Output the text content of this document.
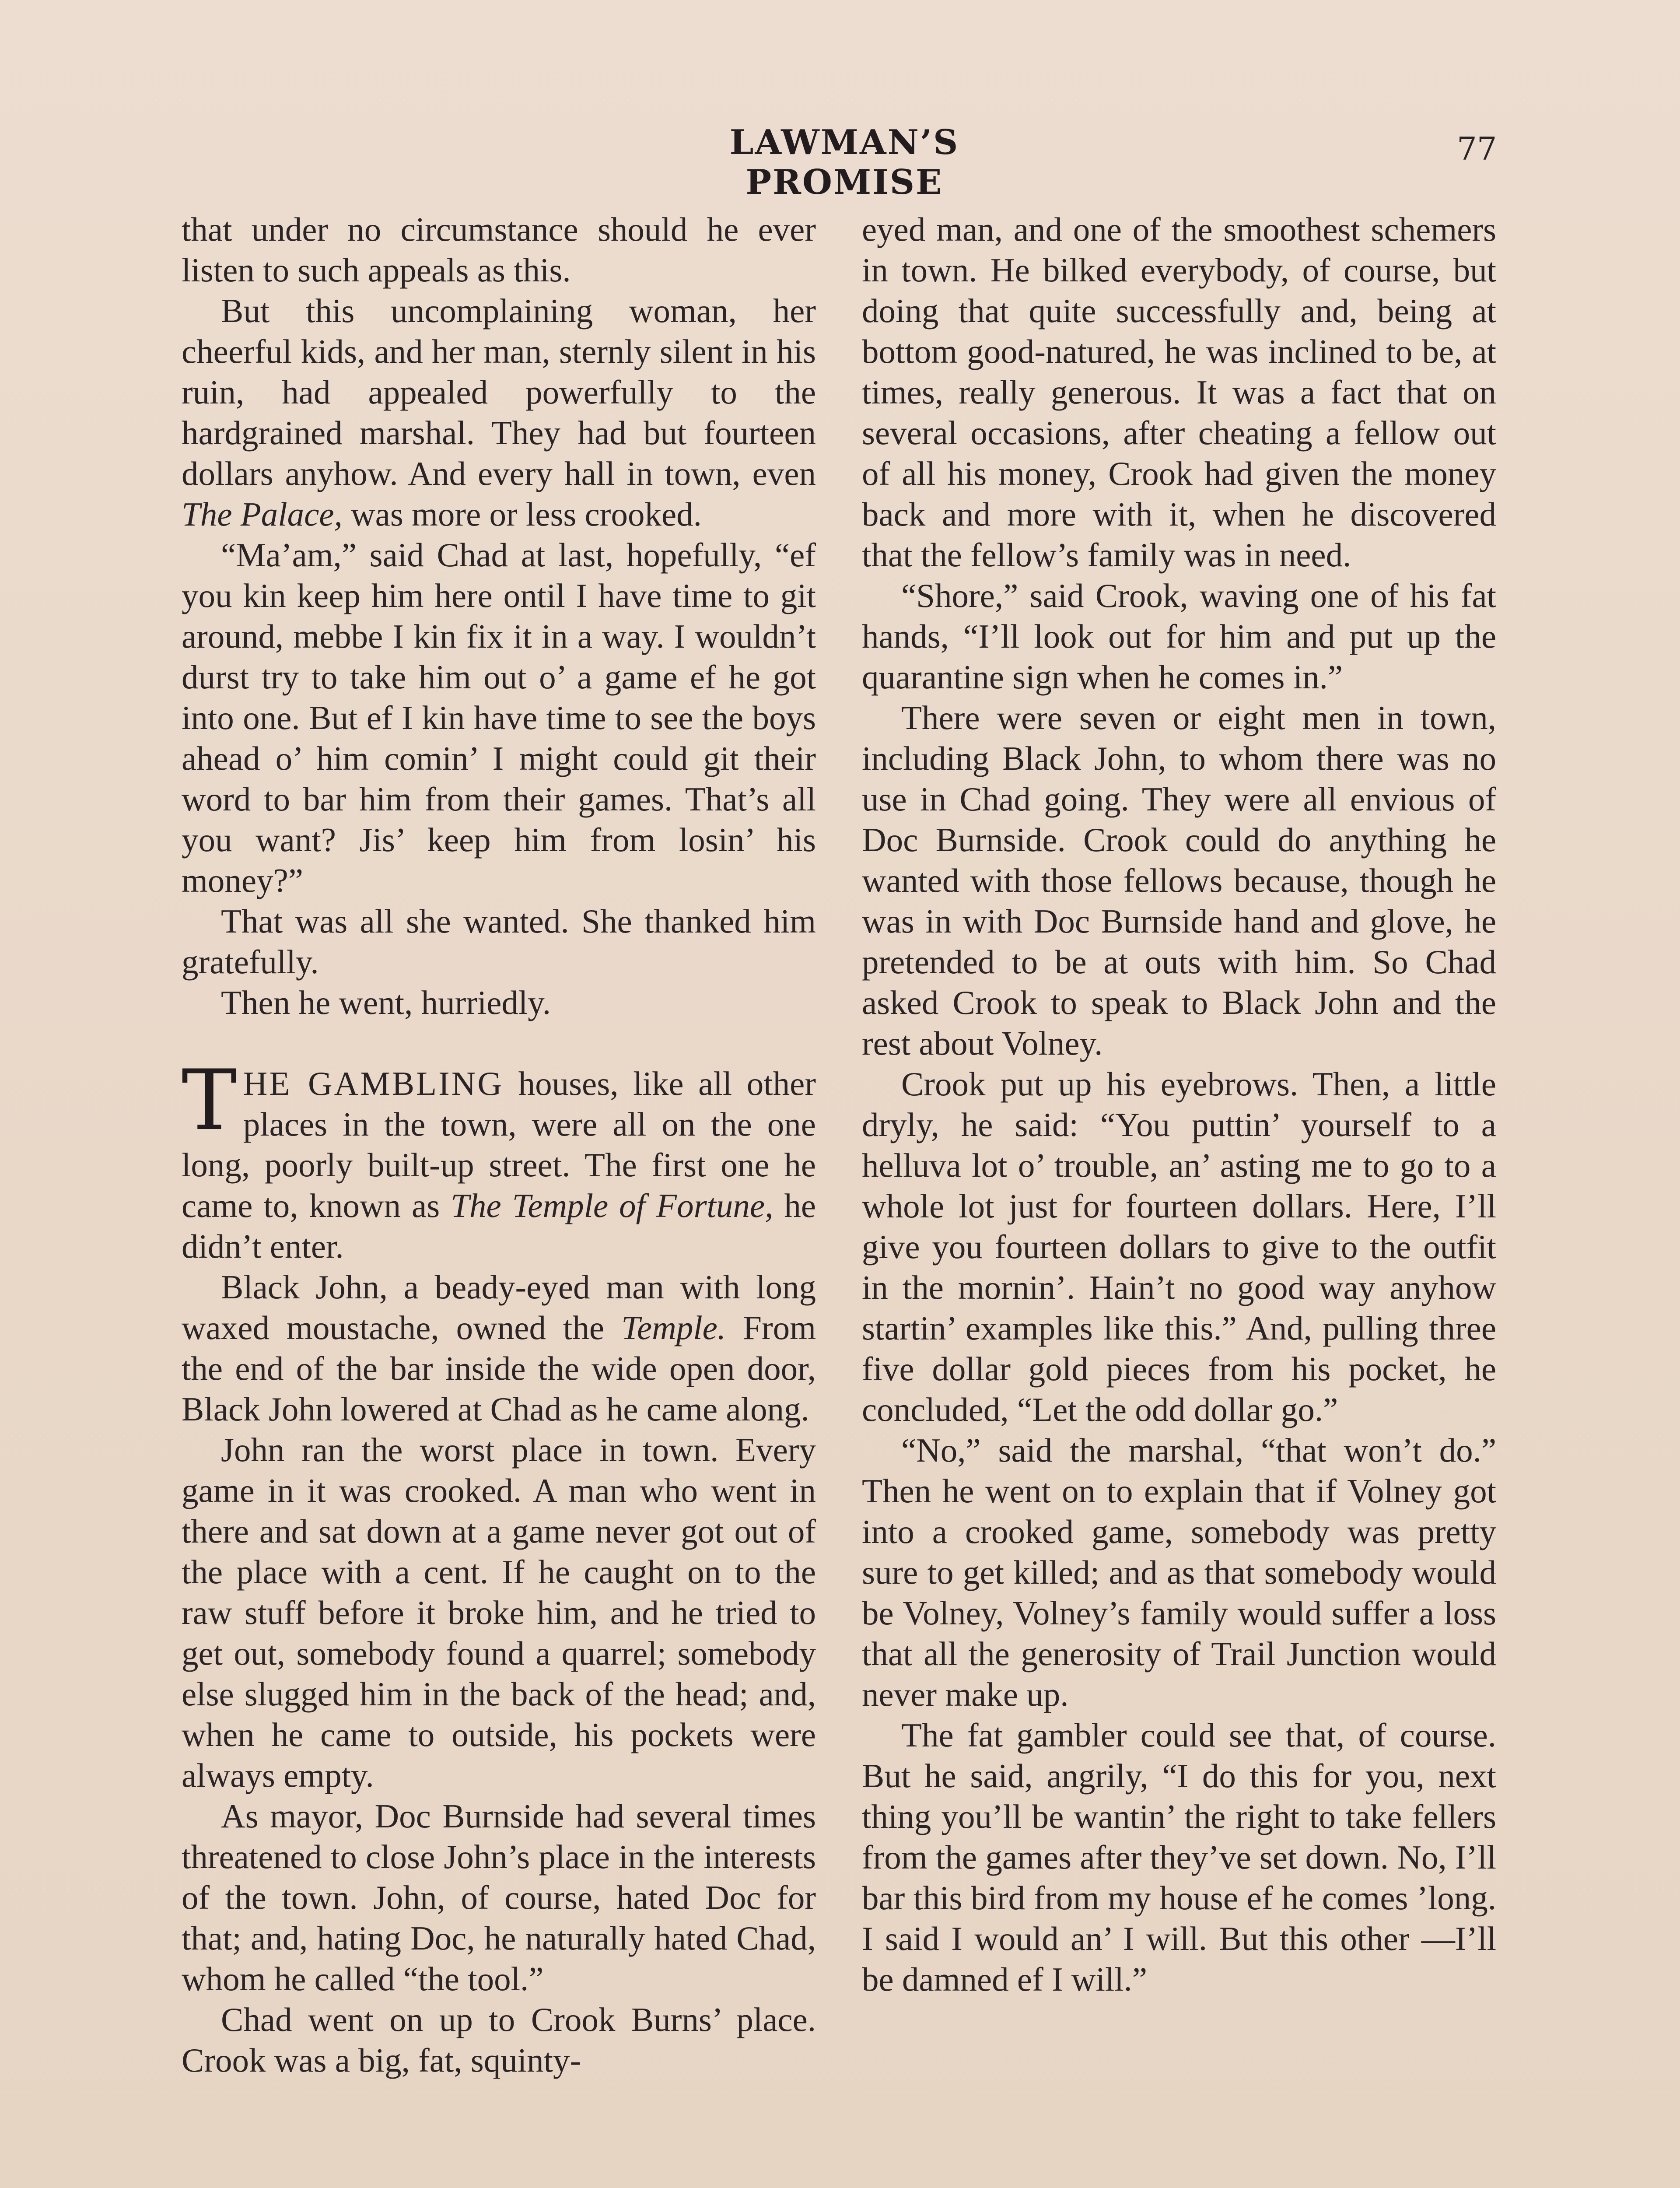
LAWMAN’S PROMISE
77

that under no circumstance should he ever listen to such appeals as this.

But this uncomplaining woman, her cheerful kids, and her man, sternly silent in his ruin, had appealed powerfully to the hardgrained marshal. They had but fourteen dollars anyhow. And every hall in town, even The Palace, was more or less crooked.

“Ma’am,” said Chad at last, hopefully, “ef you kin keep him here ontil I have time to git around, mebbe I kin fix it in a way. I wouldn’t durst try to take him out o’ a game ef he got into one. But ef I kin have time to see the boys ahead o’ him comin’ I might could git their word to bar him from their games. That’s all you want? Jis’ keep him from losin’ his money?”

That was all she wanted. She thanked him gratefully.

Then he went, hurriedly.

THE GAMBLING houses, like all other places in the town, were all on the one long, poorly built-up street. The first one he came to, known as The Temple of Fortune, he didn’t enter.

Black John, a beady-eyed man with long waxed moustache, owned the Temple. From the end of the bar inside the wide open door, Black John lowered at Chad as he came along.

John ran the worst place in town. Every game in it was crooked. A man who went in there and sat down at a game never got out of the place with a cent. If he caught on to the raw stuff before it broke him, and he tried to get out, somebody found a quarrel; somebody else slugged him in the back of the head; and, when he came to outside, his pockets were always empty.

As mayor, Doc Burnside had several times threatened to close John’s place in the interests of the town. John, of course, hated Doc for that; and, hating Doc, he naturally hated Chad, whom he called “the tool.”

Chad went on up to Crook Burns’ place. Crook was a big, fat, squinty-

eyed man, and one of the smoothest schemers in town. He bilked everybody, of course, but doing that quite successfully and, being at bottom good-natured, he was inclined to be, at times, really generous. It was a fact that on several occasions, after cheating a fellow out of all his money, Crook had given the money back and more with it, when he discovered that the fellow’s family was in need.

“Shore,” said Crook, waving one of his fat hands, “I’ll look out for him and put up the quarantine sign when he comes in.”

There were seven or eight men in town, including Black John, to whom there was no use in Chad going. They were all envious of Doc Burnside. Crook could do anything he wanted with those fellows because, though he was in with Doc Burnside hand and glove, he pretended to be at outs with him. So Chad asked Crook to speak to Black John and the rest about Volney.

Crook put up his eyebrows. Then, a little dryly, he said: “You puttin’ yourself to a helluva lot o’ trouble, an’ asting me to go to a whole lot just for fourteen dollars. Here, I’ll give you fourteen dollars to give to the outfit in the mornin’. Hain’t no good way anyhow startin’ examples like this.” And, pulling three five dollar gold pieces from his pocket, he concluded, “Let the odd dollar go.”

“No,” said the marshal, “that won’t do.” Then he went on to explain that if Volney got into a crooked game, somebody was pretty sure to get killed; and as that somebody would be Volney, Volney’s family would suffer a loss that all the generosity of Trail Junction would never make up.

The fat gambler could see that, of course. But he said, angrily, “I do this for you, next thing you’ll be wantin’ the right to take fellers from the games after they’ve set down. No, I’ll bar this bird from my house ef he comes ’long. I said I would an’ I will. But this other —I’ll be damned ef I will.”
